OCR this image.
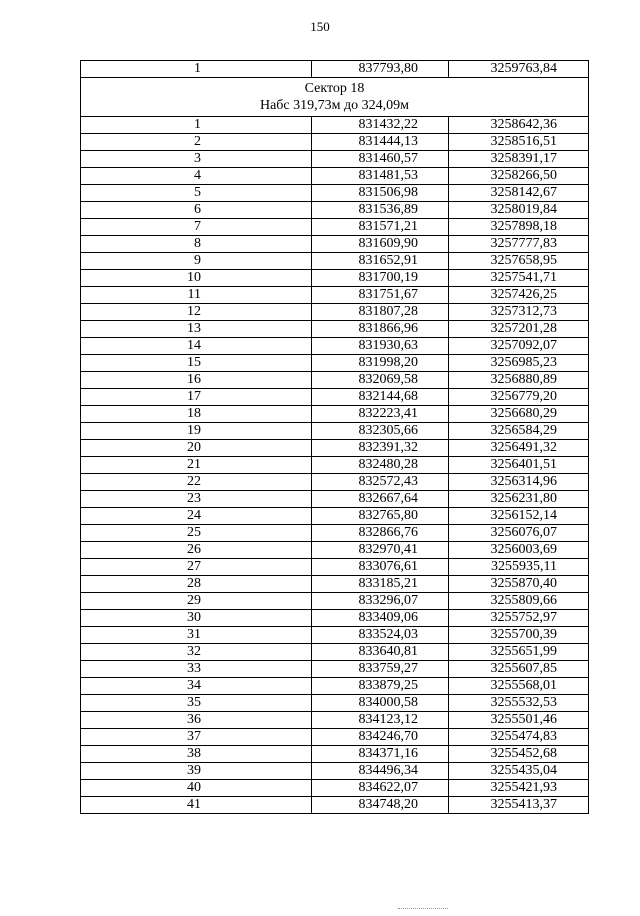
150
1	837793,80	3259763,84

Сектор 18
Набс 319,73м до 324,09м		

1	831432,22	3258642,36
2	831444,13	3258516,51
3	831460,57	3258391,17
4	831481,53	3258266,50
5	831506,98	3258142,67
6	831536,89	3258019,84
7	831571,21	3257898,18
8	831609,90	3257777,83
9	831652,91	3257658,95
10	831700,19	3257541,71
11	831751,67	3257426,25
12	831807,28	3257312,73
13	831866,96	3257201,28
14	831930,63	3257092,07
15	831998,20	3256985,23
16	832069,58	3256880,89
17	832144,68	3256779,20
18	832223,41	3256680,29
19	832305,66	3256584,29
20	832391,32	3256491,32
21	832480,28	3256401,51
22	832572,43	3256314,96
23	832667,64	3256231,80
24	832765,80	3256152,14
25	832866,76	3256076,07
26	832970,41	3256003,69
27	833076,61	3255935,11
28	833185,21	3255870,40
29	833296,07	3255809,66
30	833409,06	3255752,97
31	833524,03	3255700,39
32	833640,81	3255651,99
33	833759,27	3255607,85
34	833879,25	3255568,01
35	834000,58	3255532,53
36	834123,12	3255501,46
37	834246,70	3255474,83
38	834371,16	3255452,68
39	834496,34	3255435,04
40	834622,07	3255421,93
41	834748,20	3255413,37
